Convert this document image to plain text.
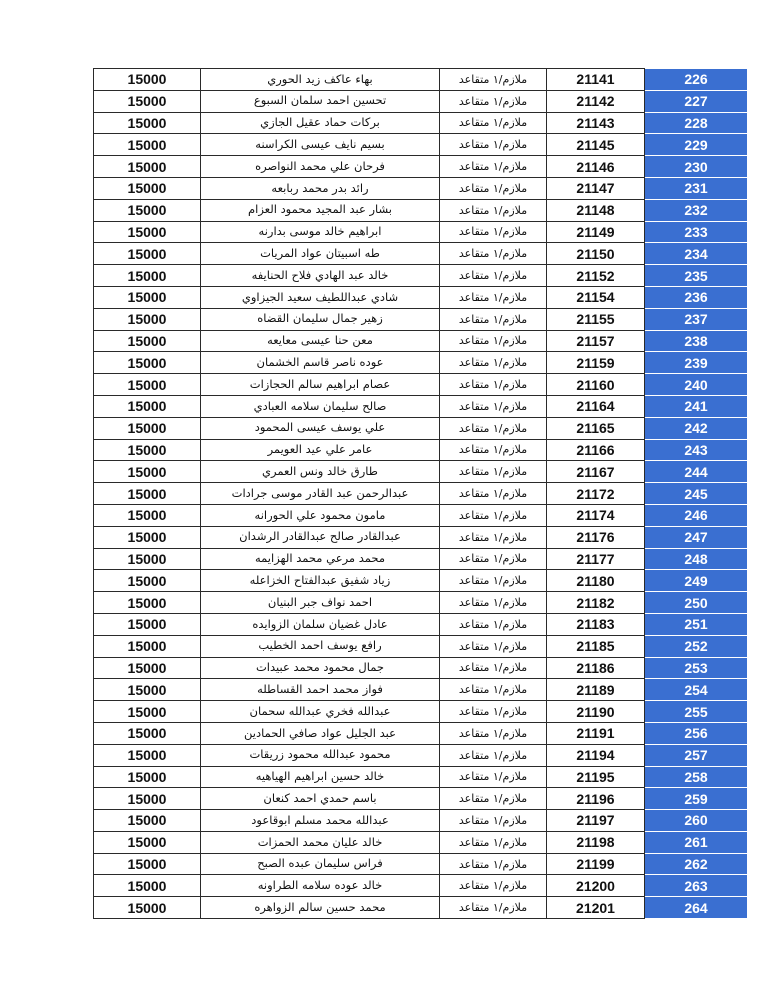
15000	بهاء عاكف زيد الحوري	ملازم/١ متقاعد	21141	226
15000	تحسين احمد سلمان السبوع	ملازم/١ متقاعد	21142	227
15000	بركات حماد عقيل الجازي	ملازم/١ متقاعد	21143	228
15000	بسيم نايف عيسى الكراسنه	ملازم/١ متقاعد	21145	229
15000	فرحان علي محمد النواصره	ملازم/١ متقاعد	21146	230
15000	رائد بدر محمد ربابعه	ملازم/١ متقاعد	21147	231
15000	بشار عبد المجيد محمود العزام	ملازم/١ متقاعد	21148	232
15000	ابراهيم خالد موسى بدارنه	ملازم/١ متقاعد	21149	233
15000	طه اسبيتان عواد المريات	ملازم/١ متقاعد	21150	234
15000	خالد عبد الهادي فلاح الحنايفه	ملازم/١ متقاعد	21152	235
15000	شادي عبداللطيف سعيد الجيزاوي	ملازم/١ متقاعد	21154	236
15000	زهير جمال سليمان القضاه	ملازم/١ متقاعد	21155	237
15000	معن حنا عيسى معايعه	ملازم/١ متقاعد	21157	238
15000	عوده ناصر قاسم الخشمان	ملازم/١ متقاعد	21159	239
15000	عصام ابراهيم سالم الحجازات	ملازم/١ متقاعد	21160	240
15000	صالح سليمان سلامه العبادي	ملازم/١ متقاعد	21164	241
15000	علي يوسف عيسى المحمود	ملازم/١ متقاعد	21165	242
15000	عامر علي عيد العويمر	ملازم/١ متقاعد	21166	243
15000	طارق خالد ونس العمري	ملازم/١ متقاعد	21167	244
15000	عبدالرحمن عبد القادر موسى جرادات	ملازم/١ متقاعد	21172	245
15000	مامون محمود علي الحورانه	ملازم/١ متقاعد	21174	246
15000	عبدالقادر صالح عبدالقادر الرشدان	ملازم/١ متقاعد	21176	247
15000	محمد مرعي محمد الهزايمه	ملازم/١ متقاعد	21177	248
15000	زياد شفيق عبدالفتاح الخزاعله	ملازم/١ متقاعد	21180	249
15000	احمد نواف جبر البنيان	ملازم/١ متقاعد	21182	250
15000	عادل غضيان سلمان الزوايده	ملازم/١ متقاعد	21183	251
15000	رافع يوسف احمد الخطيب	ملازم/١ متقاعد	21185	252
15000	جمال محمود محمد عبيدات	ملازم/١ متقاعد	21186	253
15000	فواز محمد احمد القساطله	ملازم/١ متقاعد	21189	254
15000	عبدالله فخري عبدالله سحمان	ملازم/١ متقاعد	21190	255
15000	عبد الجليل عواد صافي الحمادين	ملازم/١ متقاعد	21191	256
15000	محمود عبدالله محمود زريقات	ملازم/١ متقاعد	21194	257
15000	خالد حسين ابراهيم الهياهيه	ملازم/١ متقاعد	21195	258
15000	باسم حمدي احمد كنعان	ملازم/١ متقاعد	21196	259
15000	عبدالله محمد مسلم ابوقاعود	ملازم/١ متقاعد	21197	260
15000	خالد عليان محمد الحمزات	ملازم/١ متقاعد	21198	261
15000	فراس سليمان عبده الصبح	ملازم/١ متقاعد	21199	262
15000	خالد عوده سلامه الطراونه	ملازم/١ متقاعد	21200	263
15000	محمد حسين سالم الزواهره	ملازم/١ متقاعد	21201	264
